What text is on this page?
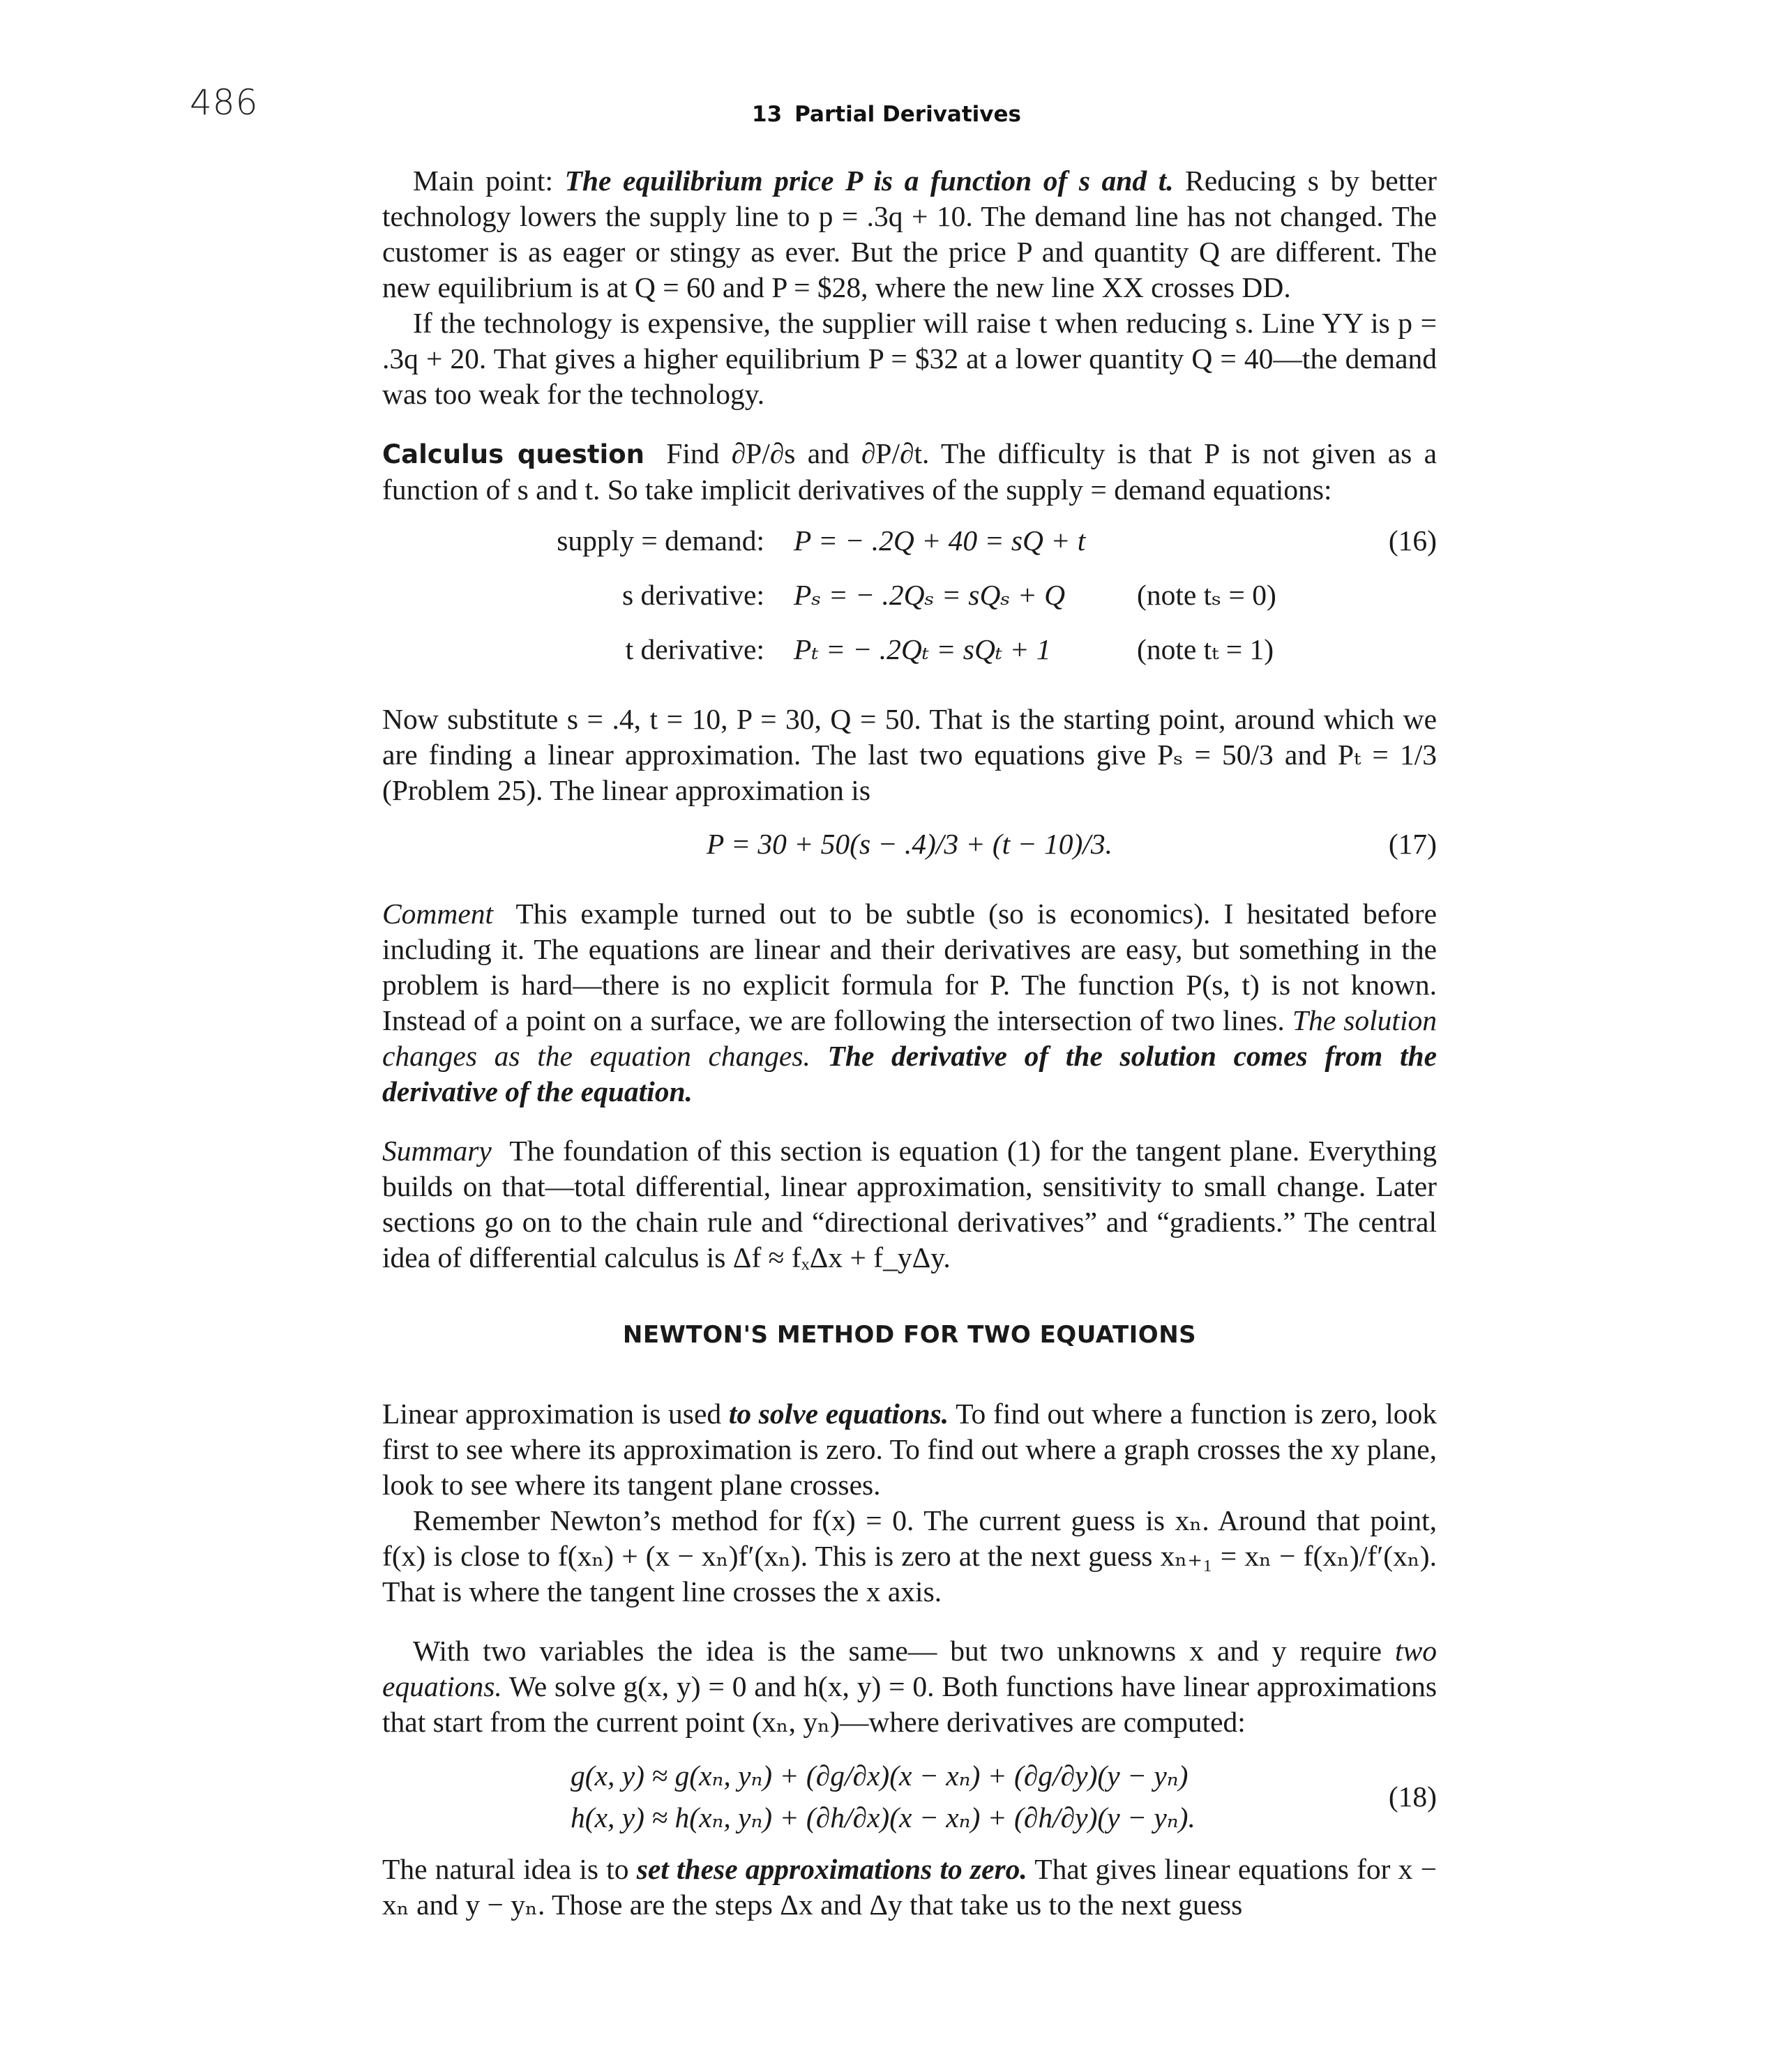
486	13 Partial Derivatives

Main point: The equilibrium price P is a function of s and t. Reducing s by better technology lowers the supply line to p = .3q + 10. The demand line has not changed. The customer is as eager or stingy as ever. But the price P and quantity Q are different. The new equilibrium is at Q = 60 and P = $28, where the new line XX crosses DD.

If the technology is expensive, the supplier will raise t when reducing s. Line YY is p = .3q + 20. That gives a higher equilibrium P = $32 at a lower quantity Q = 40—the demand was too weak for the technology.

Calculus question Find ∂P/∂s and ∂P/∂t. The difficulty is that P is not given as a function of s and t. So take implicit derivatives of the supply = demand equations:

supply = demand: P = − .2Q + 40 = sQ + t	(16)
s derivative: Pₛ = − .2Qₛ = sQₛ + Q (note tₛ = 0)
t derivative: Pₜ = − .2Qₜ = sQₜ + 1	(note tₜ = 1)

Now substitute s = .4, t = 10, P = 30, Q = 50. That is the starting point, around which we are finding a linear approximation. The last two equations give Pₛ = 50/3 and Pₜ = 1/3 (Problem 25). The linear approximation is

P = 30 + 50(s − .4)/3 + (t − 10)/3.	(17)

Comment This example turned out to be subtle (so is economics). I hesitated before including it. The equations are linear and their derivatives are easy, but something in the problem is hard—there is no explicit formula for P. The function P(s, t) is not known. Instead of a point on a surface, we are following the intersection of two lines. The solution changes as the equation changes. The derivative of the solution comes from the derivative of the equation.

Summary The foundation of this section is equation (1) for the tangent plane. Everything builds on that—total differential, linear approximation, sensitivity to small change. Later sections go on to the chain rule and “directional derivatives” and “gradients.” The central idea of differential calculus is Δf ≈ fₓΔx + f_yΔy.

NEWTON'S METHOD FOR TWO EQUATIONS

Linear approximation is used to solve equations. To find out where a function is zero, look first to see where its approximation is zero. To find out where a graph crosses the xy plane, look to see where its tangent plane crosses.

Remember Newton’s method for f(x) = 0. The current guess is xₙ. Around that point, f(x) is close to f(xₙ) + (x − xₙ)f′(xₙ). This is zero at the next guess xₙ₊₁ = xₙ − f(xₙ)/f′(xₙ). That is where the tangent line crosses the x axis.

With two variables the idea is the same— but two unknowns x and y require two equations. We solve g(x, y) = 0 and h(x, y) = 0. Both functions have linear approximations that start from the current point (xₙ, yₙ)—where derivatives are computed:

g(x, y) ≈ g(xₙ, yₙ) + (∂g/∂x)(x − xₙ) + (∂g/∂y)(y − yₙ)
h(x, y) ≈ h(xₙ, yₙ) + (∂h/∂x)(x − xₙ) + (∂h/∂y)(y − yₙ).
(18)

The natural idea is to set these approximations to zero. That gives linear equations for x − xₙ and y − yₙ. Those are the steps Δx and Δy that take us to the next guess
